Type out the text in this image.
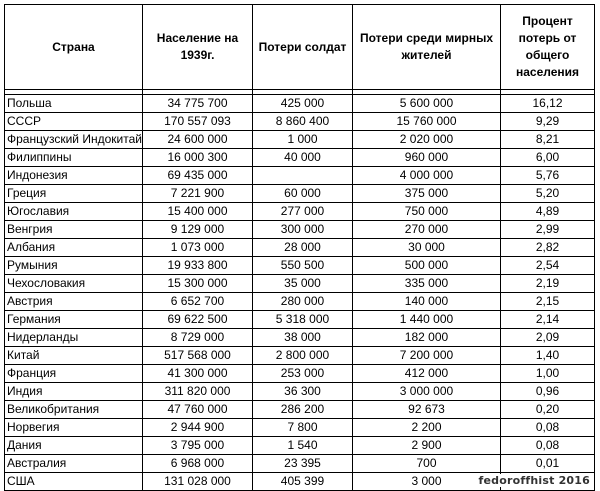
Страна	Население на 1939г.	Потери солдат	Потери среди мирных жителей	Процент потерь от общего населения

Польша	34 775 700	425 000	5 600 000	16,12
СССР	170 557 093	8 860 400	15 760 000	9,29
Французский Индокитай	24 600 000	1 000	2 020 000	8,21
Филиппины	16 000 300	40 000	960 000	6,00
Индонезия	69 435 000		4 000 000	5,76
Греция	7 221 900	60 000	375 000	5,20
Югославия	15 400 000	277 000	750 000	4,89
Венгрия	9 129 000	300 000	270 000	2,99
Албания	1 073 000	28 000	30 000	2,82
Румыния	19 933 800	550 500	500 000	2,54
Чехословакия	15 300 000	35 000	335 000	2,19
Австрия	6 652 700	280 000	140 000	2,15
Германия	69 622 500	5 318 000	1 440 000	2,14
Нидерланды	8 729 000	38 000	182 000	2,09
Китай	517 568 000	2 800 000	7 200 000	1,40
Франция	41 300 000	253 000	412 000	1,00
Индия	311 820 000	36 300	3 000 000	0,96
Великобритания	47 760 000	286 200	92 673	0,20
Норвегия	2 944 900	7 800	2 200	0,08
Дания	3 795 000	1 540	2 900	0,08
Австралия	6 968 000	23 395	700	0,01
США	131 028 000	405 399	3 000		fedoroffhist 2016
